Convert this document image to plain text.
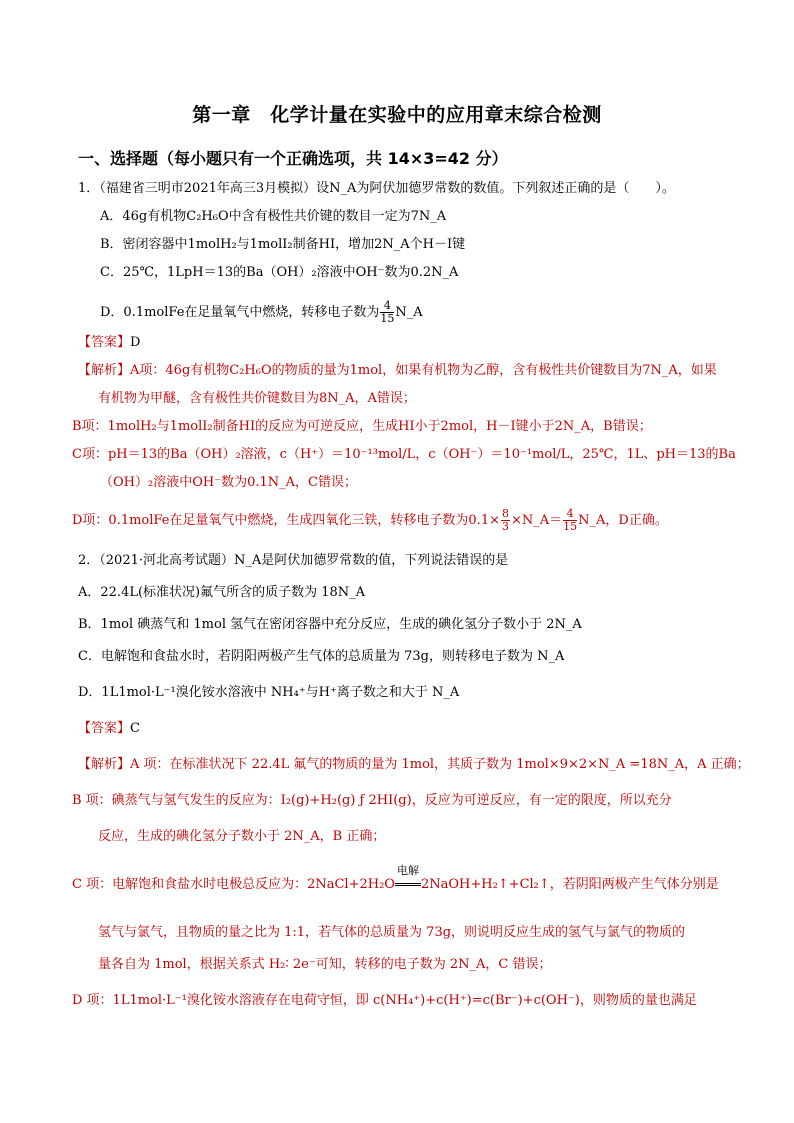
第一章　化学计量在实验中的应用章末综合检测
一、选择题（每小题只有一个正确选项，共 14×3=42 分）
1．（福建省三明市2021年高三3月模拟）设N_A为阿伏加德罗常数的数值。下列叙述正确的是（　　）。
A．46g有机物C₂H₆O中含有极性共价键的数目一定为7N_A
B．密闭容器中1molH₂与1molI₂制备HI，增加2N_A个H－I键
C．25℃，1LpH＝13的Ba（OH）₂溶液中OH⁻数为0.2N_A
D．0.1molFe在足量氧气中燃烧，转移电子数为 $\frac{4}{15}$ N_A
【答案】D
【解析】A项：46g有机物C₂H₆O的物质的量为1mol，如果有机物为乙醇，含有极性共价键数目为7N_A，如果
有机物为甲醚，含有极性共价键数目为8N_A，A错误；
B项：1molH₂与1molI₂制备HI的反应为可逆反应，生成HI小于2mol，H－I键小于2N_A，B错误；
C项：pH＝13的Ba（OH）₂溶液，c（H⁺）＝10⁻¹³mol/L，c（OH⁻）＝10⁻¹mol/L，25℃，1L、pH＝13的Ba
（OH）₂溶液中OH⁻数为0.1N_A，C错误；
D项：0.1molFe在足量氧气中燃烧，生成四氧化三铁，转移电子数为$0.1\times \frac{8}{3}$ ×N_A＝ $\frac{4}{15}$ N_A，D正确。
2．（2021·河北高考试题）N_A是阿伏加德罗常数的值，下列说法错误的是
A．22.4L(标准状况)氟气所含的质子数为 18N_A
B．1mol 碘蒸气和 1mol 氢气在密闭容器中充分反应，生成的碘化氢分子数小于 2N_A
C．电解饱和食盐水时，若阴阳两极产生气体的总质量为 73g，则转移电子数为 N_A
D．1L1mol·L⁻¹溴化铵水溶液中 NH₄⁺与H⁺离子数之和大于 N_A
【答案】C
【解析】A 项：在标准状况下 22.4L 氟气的物质的量为 1mol，其质子数为 1mol×9×2×N_A =18N_A，A 正确；
B 项：碘蒸气与氢气发生的反应为：I₂(g)+H₂(g) ƒ 2HI(g)，反应为可逆反应，有一定的限度，所以充分
反应，生成的碘化氢分子数小于 2N_A，B 正确；
C 项：电解饱和食盐水时电极总反应为：2NaCl+2H₂O
电解
2NaOH+H₂↑+Cl₂↑，若阴阳两极产生气体分别是
氢气与氯气，且物质的量之比为 1:1，若气体的总质量为 73g，则说明反应生成的氢气与氯气的物质的
量各自为 1mol，根据关系式 H₂∶ 2e⁻可知，转移的电子数为 2N_A，C 错误；
D 项：1L1mol·L⁻¹溴化铵水溶液存在电荷守恒，即 c(NH₄⁺)+c(H⁺)=c(Br⁻)+c(OH⁻)，则物质的量也满足
